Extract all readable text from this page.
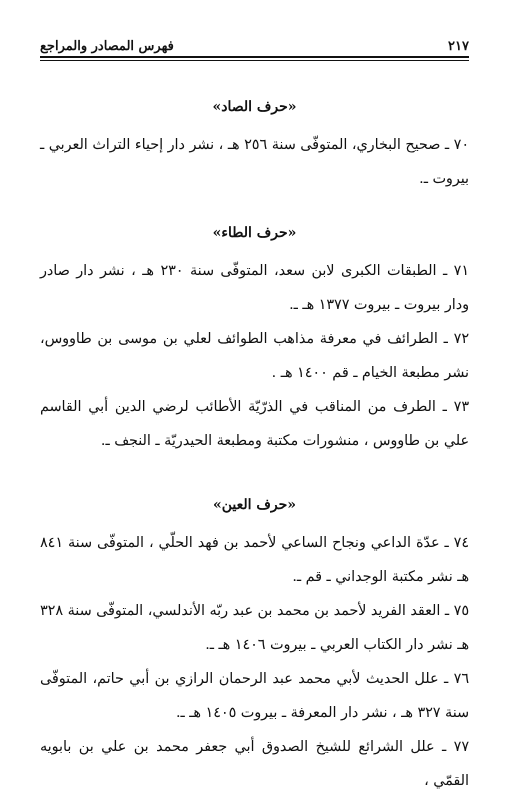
٢١٧
فهرس المصادر والمراجع
«حرف الصاد»

٧٠ ـ صحيح البخاري، المتوفّى سنة ٢٥٦ هـ ، نشر دار إحياء التراث العربي ـ بيروت ـ.

«حرف الطاء»

٧١ ـ الطبقات الكبرى لابن سعد، المتوفّى سنة ٢٣٠ هـ ، نشر دار صادر ودار بيروت ـ بيروت ١٣٧٧ هـ ـ.

٧٢ ـ الطرائف في معرفة مذاهب الطوائف لعلي بن موسى بن طاووس، نشر مطبعة الخيام ـ قم ١٤٠٠ هـ .

٧٣ ـ الطرف من المناقب في الذرّيّة الأطائب لرضي الدين أبي القاسم علي بن طاووس ، منشورات مكتبة ومطبعة الحيدريّة ـ النجف ـ.

«حرف العين»

٧٤ ـ عدّة الداعي ونجاح الساعي لأحمد بن فهد الحلّي ، المتوفّى سنة ٨٤١ هـ نشر مكتبة الوجداني ـ قم ـ.

٧٥ ـ العقد الفريد لأحمد بن محمد بن عبد ربّه الأندلسي، المتوفّى سنة ٣٢٨ هـ نشر دار الكتاب العربي ـ بيروت ١٤٠٦ هـ ـ.

٧٦ ـ علل الحديث لأبي محمد عبد الرحمان الرازي بن أبي حاتم، المتوفّى سنة ٣٢٧ هـ ، نشر دار المعرفة ـ بيروت ١٤٠٥ هـ ـ.

٧٧ ـ علل الشرائع للشيخ الصدوق أبي جعفر محمد بن علي بن بابويه القمّي ،
